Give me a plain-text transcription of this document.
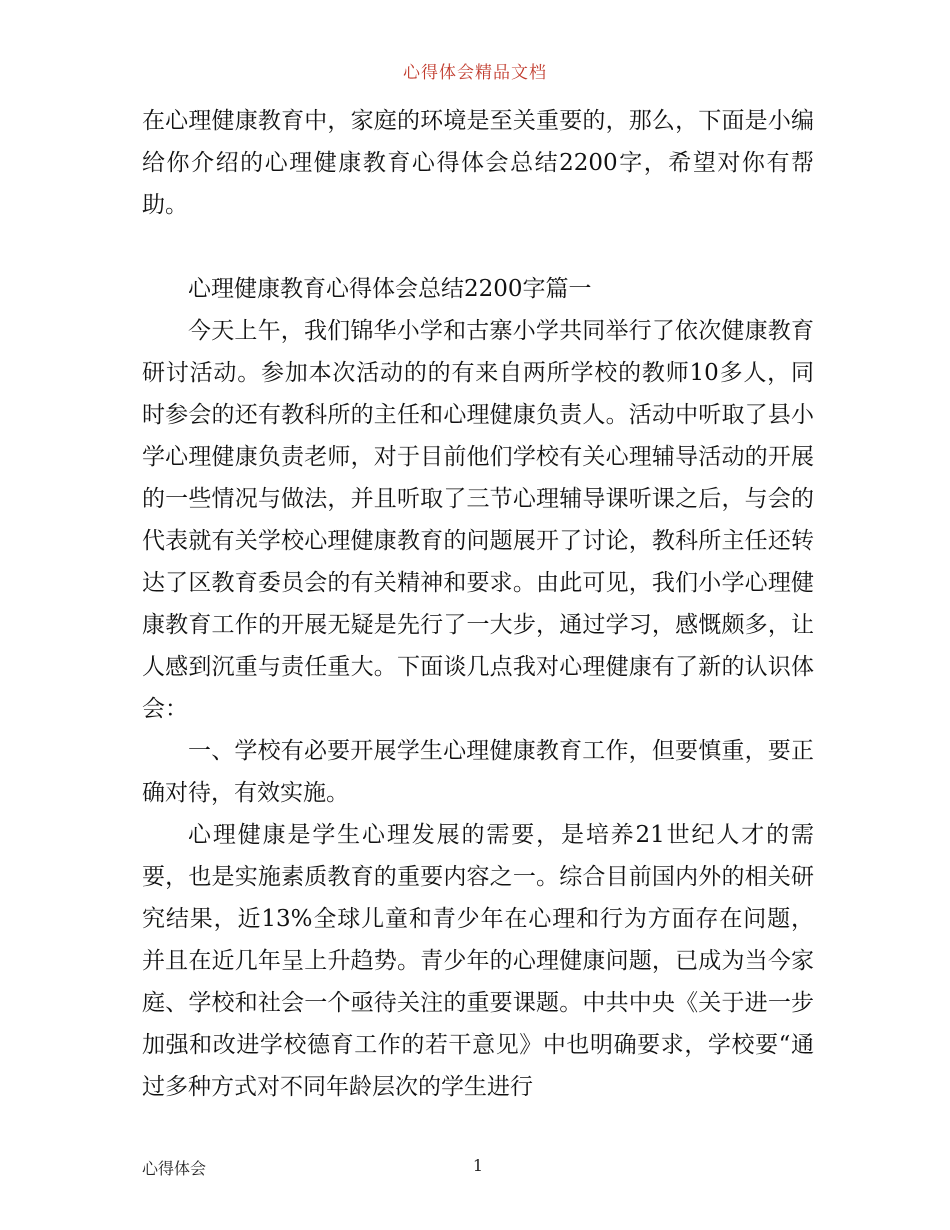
心得体会精品文档

在心理健康教育中，家庭的环境是至关重要的，那么，下面是小编给你介绍的心理健康教育心得体会总结2200字，希望对你有帮助。

心理健康教育心得体会总结2200字篇一

今天上午，我们锦华小学和古寨小学共同举行了依次健康教育研讨活动。参加本次活动的的有来自两所学校的教师10多人，同时参会的还有教科所的主任和心理健康负责人。活动中听取了县小学心理健康负责老师，对于目前他们学校有关心理辅导活动的开展的一些情况与做法，并且听取了三节心理辅导课听课之后，与会的代表就有关学校心理健康教育的问题展开了讨论，教科所主任还转达了区教育委员会的有关精神和要求。由此可见，我们小学心理健康教育工作的开展无疑是先行了一大步，通过学习，感慨颇多，让人感到沉重与责任重大。下面谈几点我对心理健康有了新的认识体会：

一、学校有必要开展学生心理健康教育工作，但要慎重，要正确对待，有效实施。

心理健康是学生心理发展的需要，是培养21世纪人才的需要，也是实施素质教育的重要内容之一。综合目前国内外的相关研究结果，近13%全球儿童和青少年在心理和行为方面存在问题，并且在近几年呈上升趋势。青少年的心理健康问题，已成为当今家庭、学校和社会一个亟待关注的重要课题。中共中央《关于进一步加强和改进学校德育工作的若干意见》中也明确要求，学校要“通过多种方式对不同年龄层次的学生进行

心得体会	1
